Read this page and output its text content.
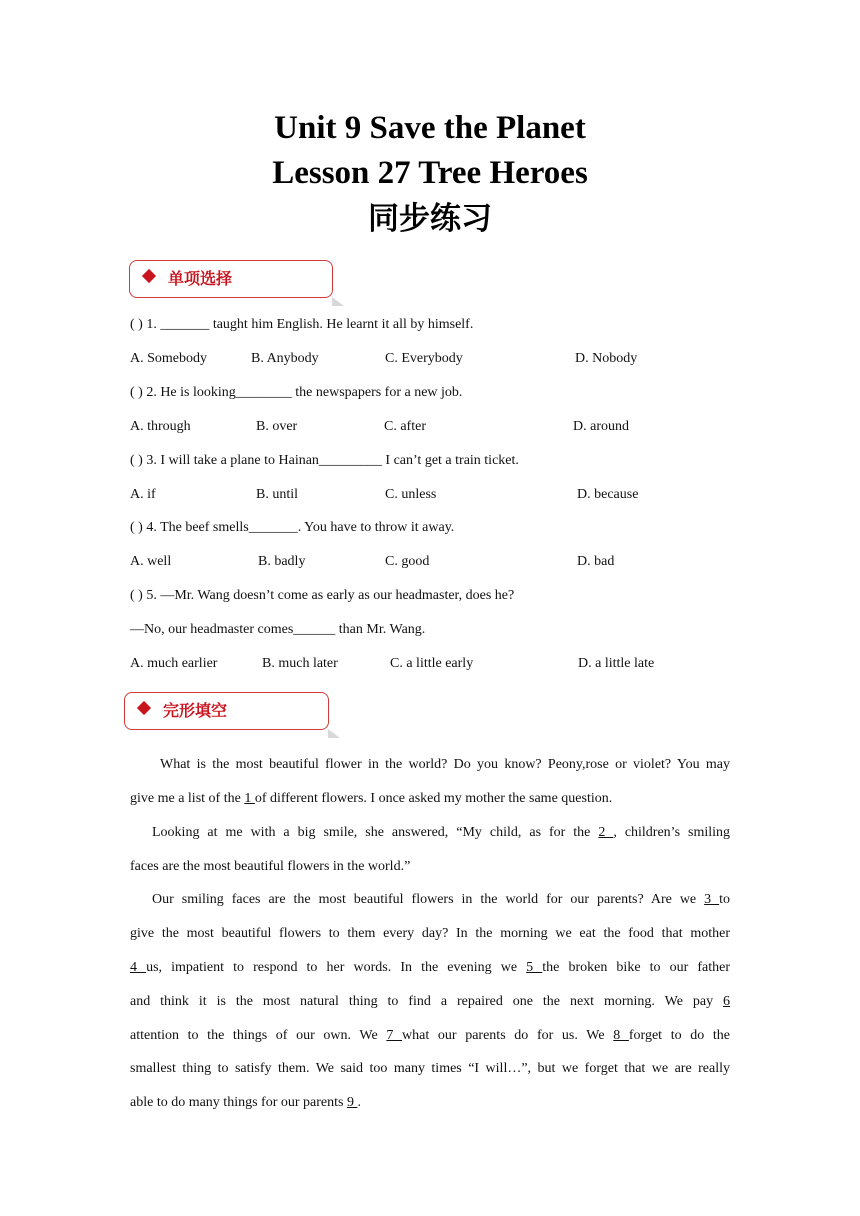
Unit 9 Save the Planet
Lesson 27 Tree Heroes
同步练习
单项选择
( ) 1. _______ taught him English. He learnt it all by himself.
A. Somebody	B. Anybody	C. Everybody	D. Nobody
( ) 2. He is looking________ the newspapers for a new job.
A. through	B. over	C. after	D. around
( ) 3. I will take a plane to Hainan_________ I can’t get a train ticket.
A. if	B. until	C. unless	D. because
( ) 4. The beef smells_______. You have to throw it away.
A. well	B. badly	C. good	D. bad
( ) 5. —Mr. Wang doesn’t come as early as our headmaster, does he?
—No, our headmaster comes______ than Mr. Wang.
A. much earlier	B. much later	C. a little early	D. a little late
完形填空
What is the most beautiful flower in the world? Do you know? Peony,rose or violet? You may
give me a list of the 1 of different flowers. I once asked my mother the same question.
Looking at me with a big smile, she answered, “My child, as for the 2 , children’s smiling
faces are the most beautiful flowers in the world.”
Our smiling faces are the most beautiful flowers in the world for our parents? Are we 3 to
give the most beautiful flowers to them every day? In the morning we eat the food that mother
4 us, impatient to respond to her words. In the evening we 5 the broken bike to our father
and think it is the most natural thing to find a repaired one the next morning. We pay 6
attention to the things of our own. We 7 what our parents do for us. We 8 forget to do the
smallest thing to satisfy them. We said too many times “I will…”, but we forget that we are really
able to do many things for our parents 9 .
